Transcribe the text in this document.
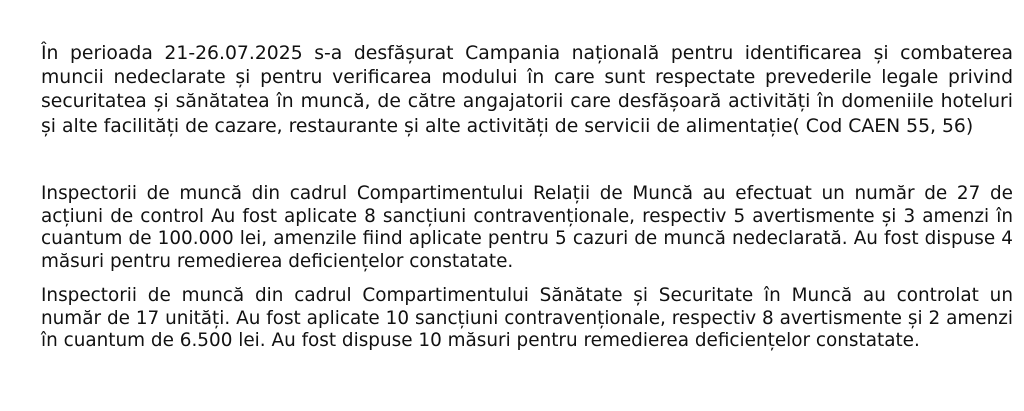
În perioada 21-26.07.2025 s-a desfășurat Campania națională pentru identificarea și combaterea muncii nedeclarate și pentru verificarea modului în care sunt respectate prevederile legale privind securitatea și sănătatea în muncă, de către angajatorii care desfășoară activități în domeniile hoteluri și alte facilități de cazare, restaurante și alte activități de servicii de alimentație( Cod CAEN 55, 56)

Inspectorii de muncă din cadrul Compartimentului Relații de Muncă au efectuat un număr de 27 de acțiuni de control Au fost aplicate 8 sancțiuni contravenționale, respectiv 5 avertismente și 3 amenzi în cuantum de 100.000 lei, amenzile fiind aplicate pentru 5 cazuri de muncă nedeclarată. Au fost dispuse 4 măsuri pentru remedierea deficiențelor constatate.

Inspectorii de muncă din cadrul Compartimentului Sănătate și Securitate în Muncă au controlat un număr de 17 unități. Au fost aplicate 10 sancțiuni contravenționale, respectiv 8 avertismente și 2 amenzi în cuantum de 6.500 lei. Au fost dispuse 10 măsuri pentru remedierea deficiențelor constatate.
